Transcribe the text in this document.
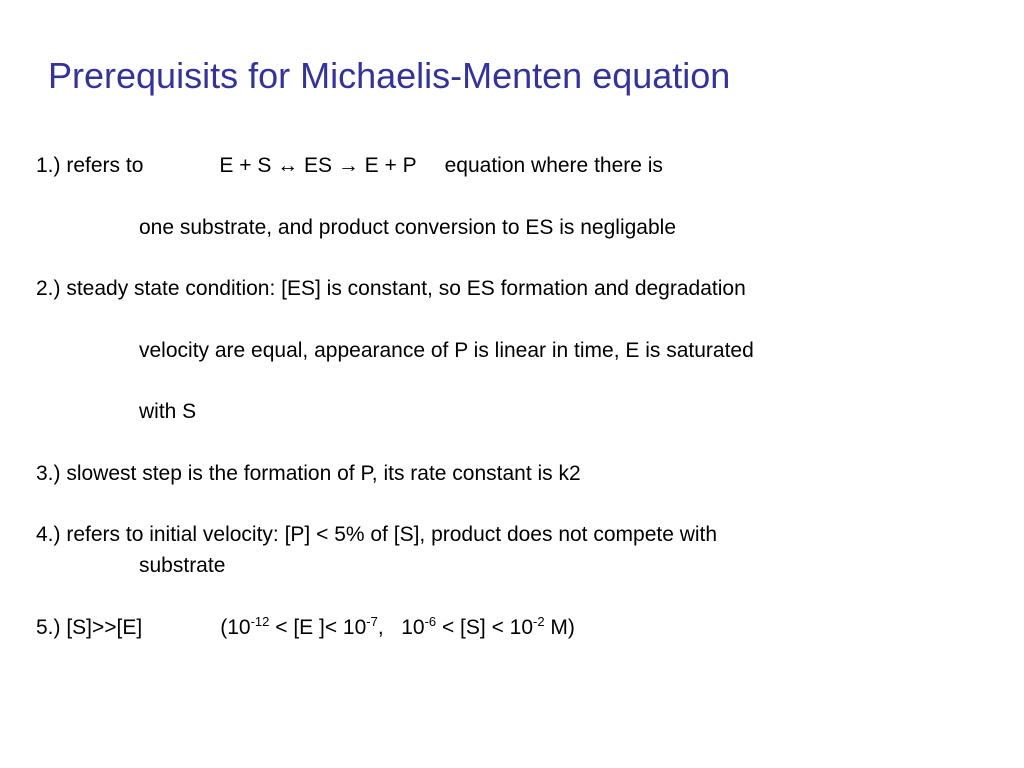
Prerequisits for Michaelis-Menten equation
1.) refers to	E + S ↔ ES → E + P equation where there is
one substrate, and product conversion to ES is negligable
2.) steady state condition: [ES] is constant, so ES formation and degradation
velocity are equal, appearance of P is linear in time, E is saturated
with S
3.) slowest step is the formation of P, its rate constant is k2
4.) refers to initial velocity: [P] < 5% of [S], product does not compete with
substrate
5.) [S]>>[E]	($10^{-12} < [E$ ]< $10^{-7}$,   $10^{-6} < [S] < 10^{-2}$ M)
